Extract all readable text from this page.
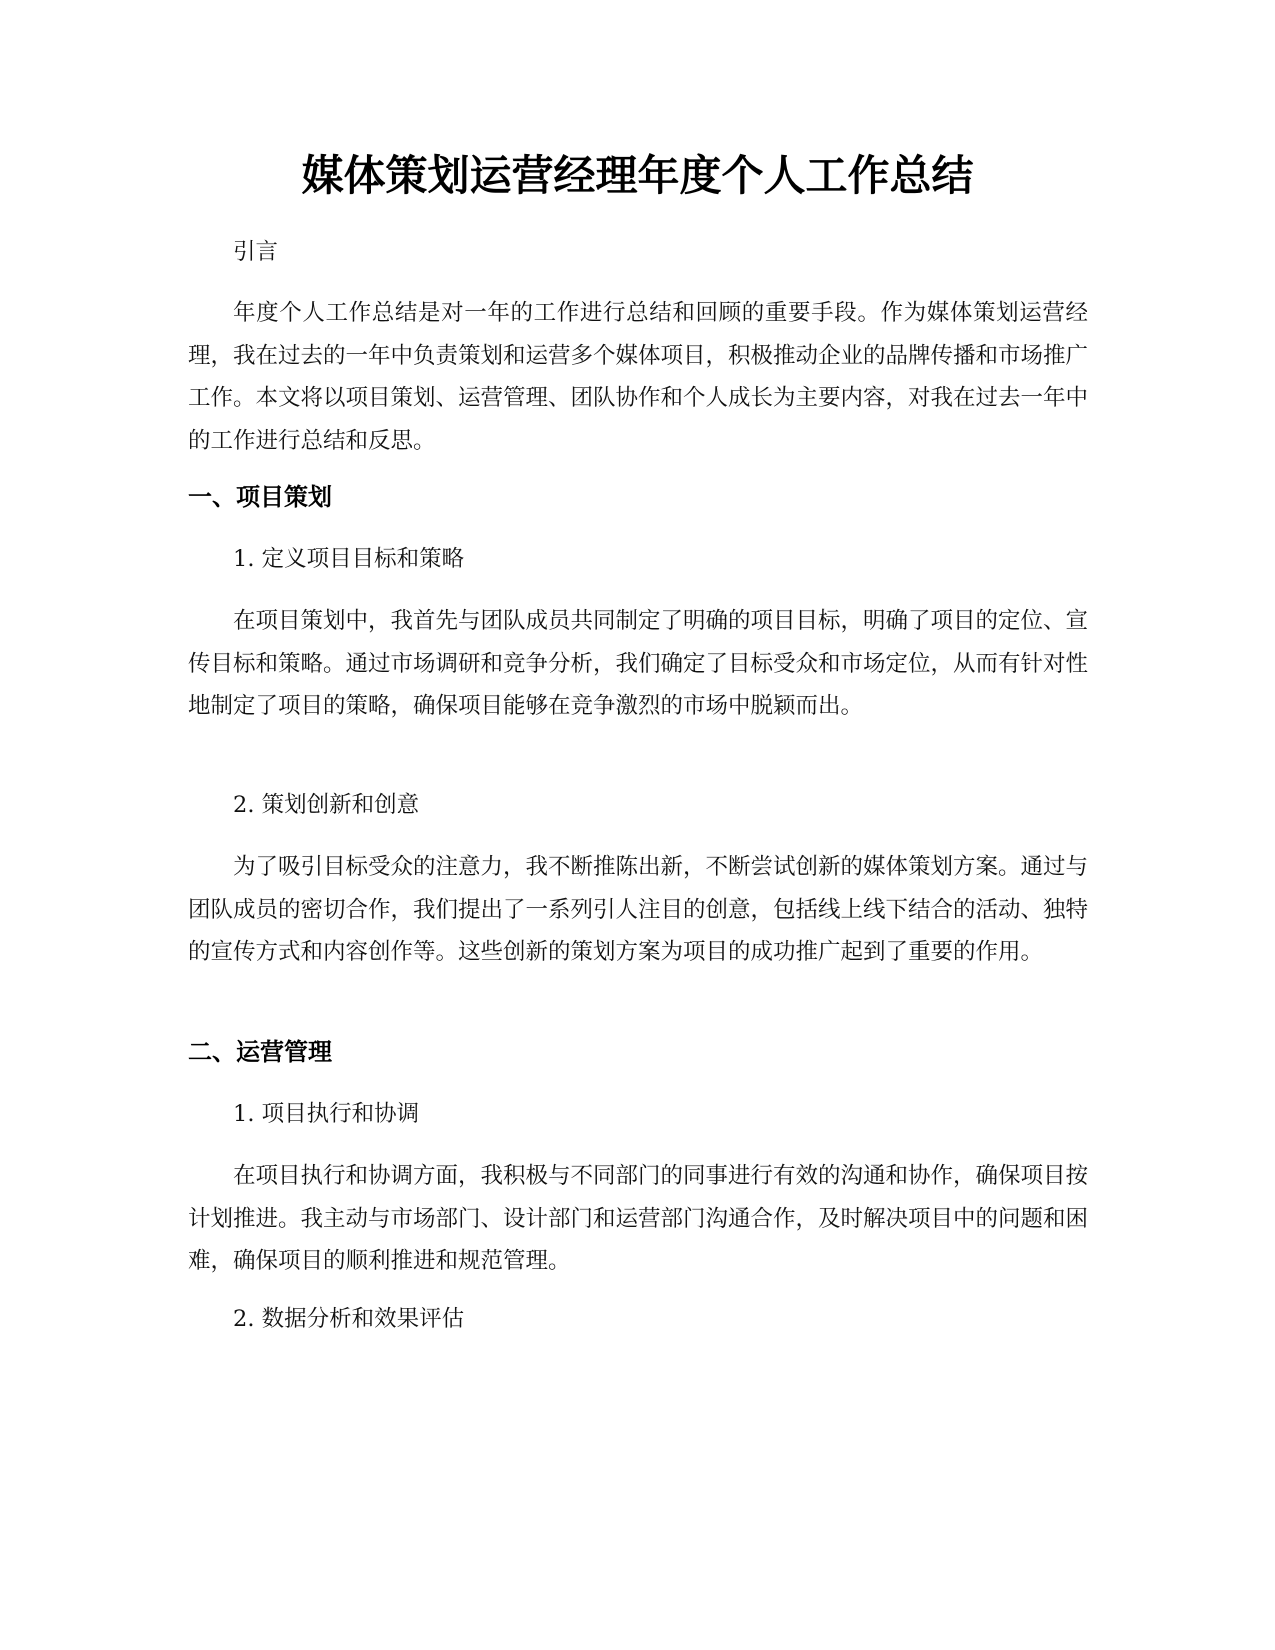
媒体策划运营经理年度个人工作总结

引言

年度个人工作总结是对一年的工作进行总结和回顾的重要手段。作为媒体策划运营经理，我在过去的一年中负责策划和运营多个媒体项目，积极推动企业的品牌传播和市场推广工作。本文将以项目策划、运营管理、团队协作和个人成长为主要内容，对我在过去一年中的工作进行总结和反思。

一、项目策划

1. 定义项目目标和策略

在项目策划中，我首先与团队成员共同制定了明确的项目目标，明确了项目的定位、宣传目标和策略。通过市场调研和竞争分析，我们确定了目标受众和市场定位，从而有针对性地制定了项目的策略，确保项目能够在竞争激烈的市场中脱颖而出。

2. 策划创新和创意

为了吸引目标受众的注意力，我不断推陈出新，不断尝试创新的媒体策划方案。通过与团队成员的密切合作，我们提出了一系列引人注目的创意，包括线上线下结合的活动、独特的宣传方式和内容创作等。这些创新的策划方案为项目的成功推广起到了重要的作用。

二、运营管理

1. 项目执行和协调

在项目执行和协调方面，我积极与不同部门的同事进行有效的沟通和协作，确保项目按计划推进。我主动与市场部门、设计部门和运营部门沟通合作，及时解决项目中的问题和困难，确保项目的顺利推进和规范管理。

2. 数据分析和效果评估
